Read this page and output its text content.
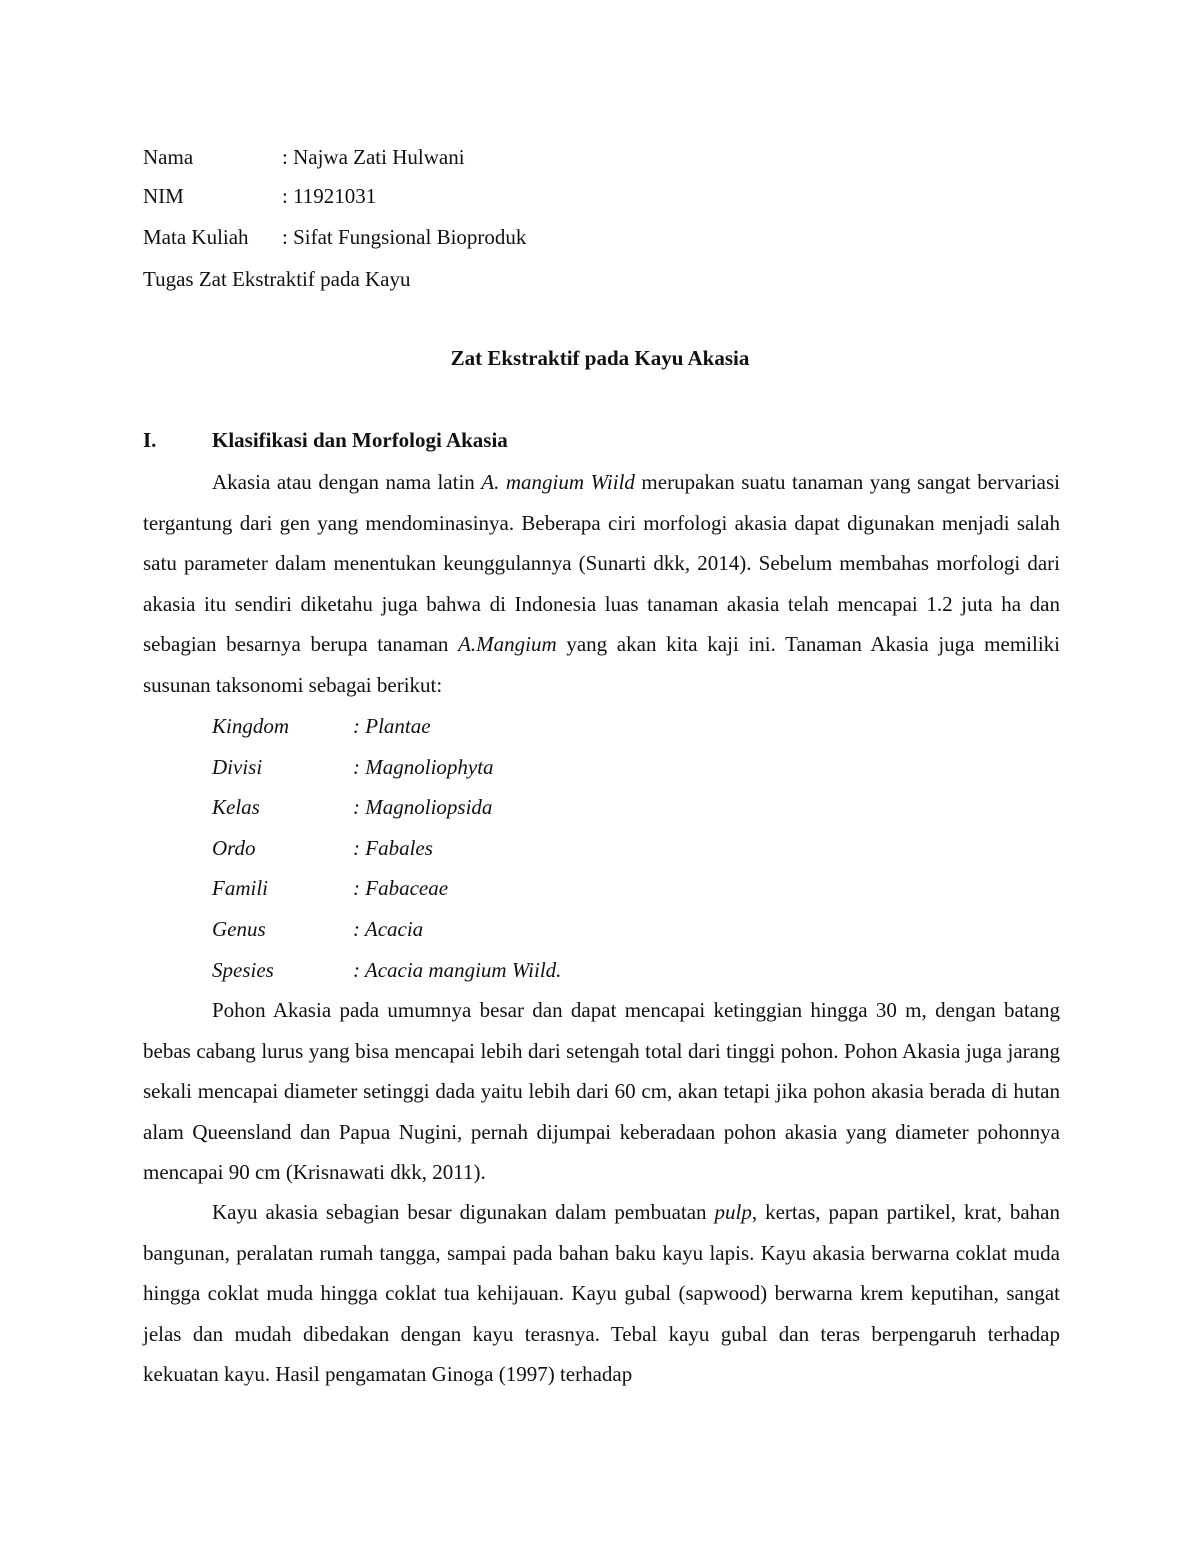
Nama	: Najwa Zati Hulwani
NIM	: 11921031
Mata Kuliah : Sifat Fungsional Bioproduk
Tugas Zat Ekstraktif pada Kayu
Zat Ekstraktif pada Kayu Akasia
I.	Klasifikasi dan Morfologi Akasia

Akasia atau dengan nama latin A. mangium Wiild merupakan suatu tanaman yang sangat bervariasi tergantung dari gen yang mendominasinya. Beberapa ciri morfologi akasia dapat digunakan menjadi salah satu parameter dalam menentukan keunggulannya (Sunarti dkk, 2014). Sebelum membahas morfologi dari akasia itu sendiri diketahu juga bahwa di Indonesia luas tanaman akasia telah mencapai 1.2 juta ha dan sebagian besarnya berupa tanaman A.Mangium yang akan kita kaji ini. Tanaman Akasia juga memiliki susunan taksonomi sebagai berikut:

Kingdom	: Plantae
Divisi	: Magnoliophyta
Kelas	: Magnoliopsida
Ordo	: Fabales
Famili	: Fabaceae
Genus	: Acacia
Spesies	: Acacia mangium Wiild.

Pohon Akasia pada umumnya besar dan dapat mencapai ketinggian hingga 30 m, dengan batang bebas cabang lurus yang bisa mencapai lebih dari setengah total dari tinggi pohon. Pohon Akasia juga jarang sekali mencapai diameter setinggi dada yaitu lebih dari 60 cm, akan tetapi jika pohon akasia berada di hutan alam Queensland dan Papua Nugini, pernah dijumpai keberadaan pohon akasia yang diameter pohonnya mencapai 90 cm (Krisnawati dkk, 2011).

Kayu akasia sebagian besar digunakan dalam pembuatan pulp, kertas, papan partikel, krat, bahan bangunan, peralatan rumah tangga, sampai pada bahan baku kayu lapis. Kayu akasia berwarna coklat muda hingga coklat muda hingga coklat tua kehijauan. Kayu gubal (sapwood) berwarna krem keputihan, sangat jelas dan mudah dibedakan dengan kayu terasnya. Tebal kayu gubal dan teras berpengaruh terhadap kekuatan kayu. Hasil pengamatan Ginoga (1997) terhadap
